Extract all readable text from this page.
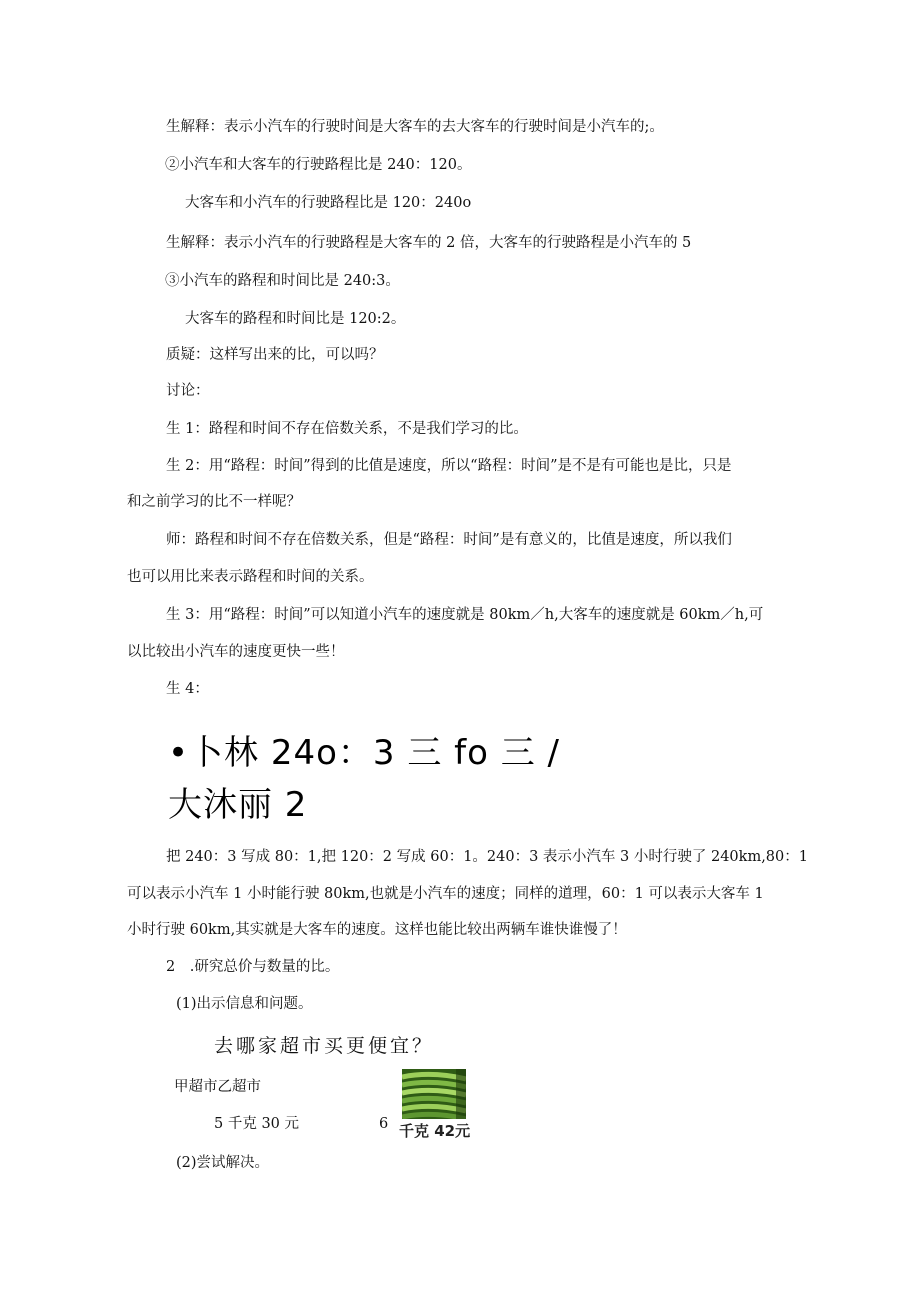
生解释：表示小汽车的行驶时间是大客车的去大客车的行驶时间是小汽车的;。
②小汽车和大客车的行驶路程比是 240：120。
大客车和小汽车的行驶路程比是 120：240o
生解释：表示小汽车的行驶路程是大客车的 2 倍，大客车的行驶路程是小汽车的 5
③小汽车的路程和时间比是 240:3。
大客车的路程和时间比是 120:2。
质疑：这样写出来的比，可以吗？
讨论：
生 1：路程和时间不存在倍数关系，不是我们学习的比。
生 2：用“路程：时间”得到的比值是速度，所以“路程：时间”是不是有可能也是比，只是
和之前学习的比不一样呢？
师：路程和时间不存在倍数关系，但是“路程：时间”是有意义的，比值是速度，所以我们
也可以用比来表示路程和时间的关系。
生 3：用“路程：时间”可以知道小汽车的速度就是 80km／h,大客车的速度就是 60km／h,可
以比较出小汽车的速度更快一些！
生 4：
•卜林 24o：3 三 fo 三 /
大沐丽 2
把 240：3 写成 80：1,把 120：2 写成 60：1。240：3 表示小汽车 3 小时行驶了 240km,80：1
可以表示小汽车 1 小时能行驶 80km,也就是小汽车的速度；同样的道理，60：1 可以表示大客车 1
小时行驶 60km,其实就是大客车的速度。这样也能比较出两辆车谁快谁慢了！
2　.研究总价与数量的比。
(1)出示信息和问题。
去哪家超市买更便宜？
甲超市乙超市
5 千克 30 元	6 千克 42元
(2)尝试解决。
